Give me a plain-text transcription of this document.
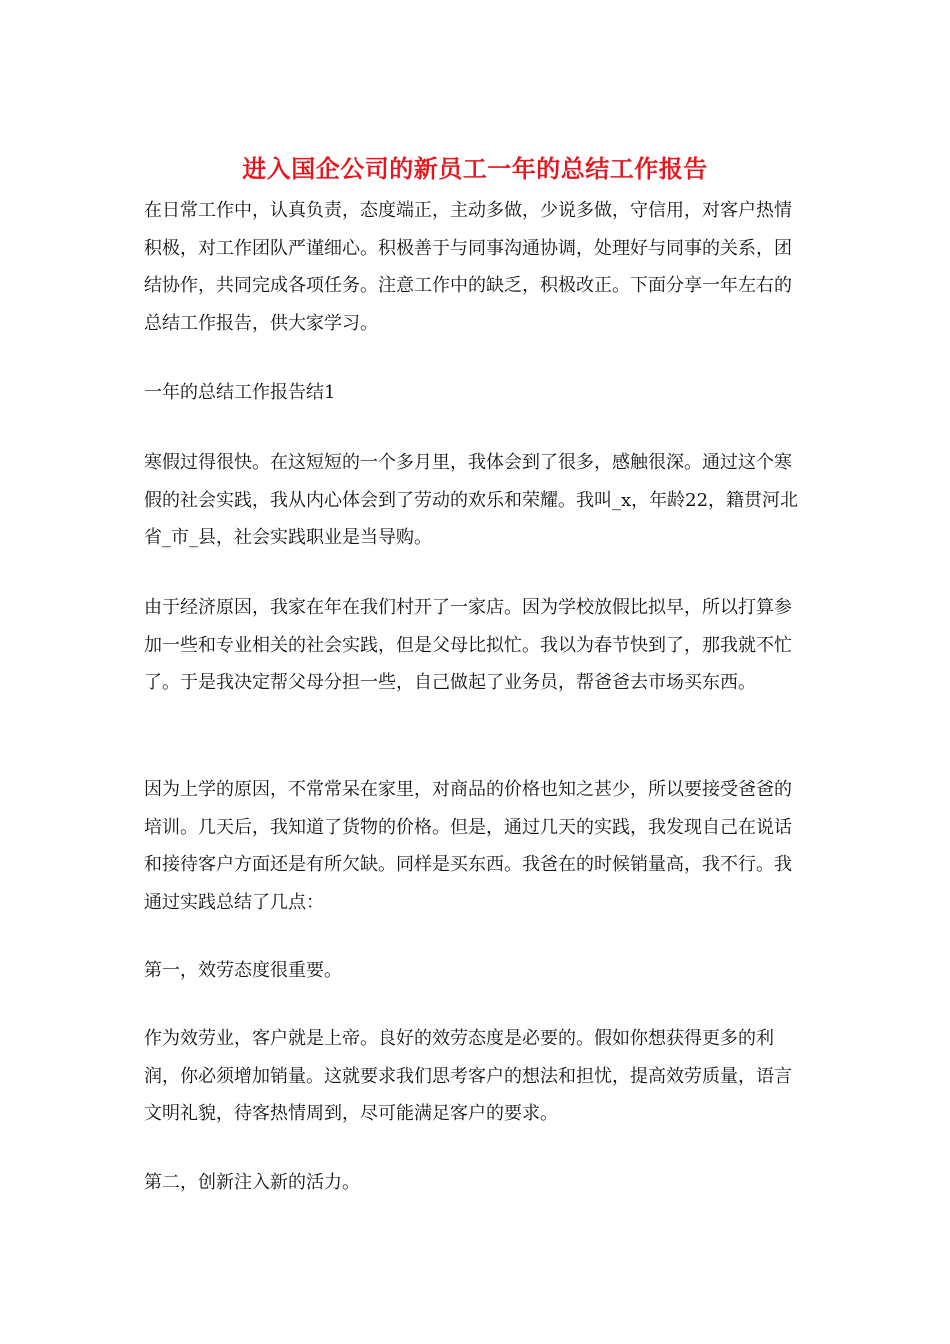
进入国企公司的新员工一年的总结工作报告

在日常工作中，认真负责，态度端正，主动多做，少说多做，守信用，对客户热情积极，对工作团队严谨细心。积极善于与同事沟通协调，处理好与同事的关系，团结协作，共同完成各项任务。注意工作中的缺乏，积极改正。下面分享一年左右的总结工作报告，供大家学习。

一年的总结工作报告结1

寒假过得很快。在这短短的一个多月里，我体会到了很多，感触很深。通过这个寒假的社会实践，我从内心体会到了劳动的欢乐和荣耀。我叫_x，年龄22，籍贯河北省_市_县，社会实践职业是当导购。

由于经济原因，我家在年在我们村开了一家店。因为学校放假比拟早，所以打算参加一些和专业相关的社会实践，但是父母比拟忙。我以为春节快到了，那我就不忙了。于是我决定帮父母分担一些，自己做起了业务员，帮爸爸去市场买东西。

因为上学的原因，不常常呆在家里，对商品的价格也知之甚少，所以要接受爸爸的培训。几天后，我知道了货物的价格。但是，通过几天的实践，我发现自己在说话和接待客户方面还是有所欠缺。同样是买东西。我爸在的时候销量高，我不行。我通过实践总结了几点：

第一，效劳态度很重要。

作为效劳业，客户就是上帝。良好的效劳态度是必要的。假如你想获得更多的利润，你必须增加销量。这就要求我们思考客户的想法和担忧，提高效劳质量，语言文明礼貌，待客热情周到，尽可能满足客户的要求。

第二，创新注入新的活力。
